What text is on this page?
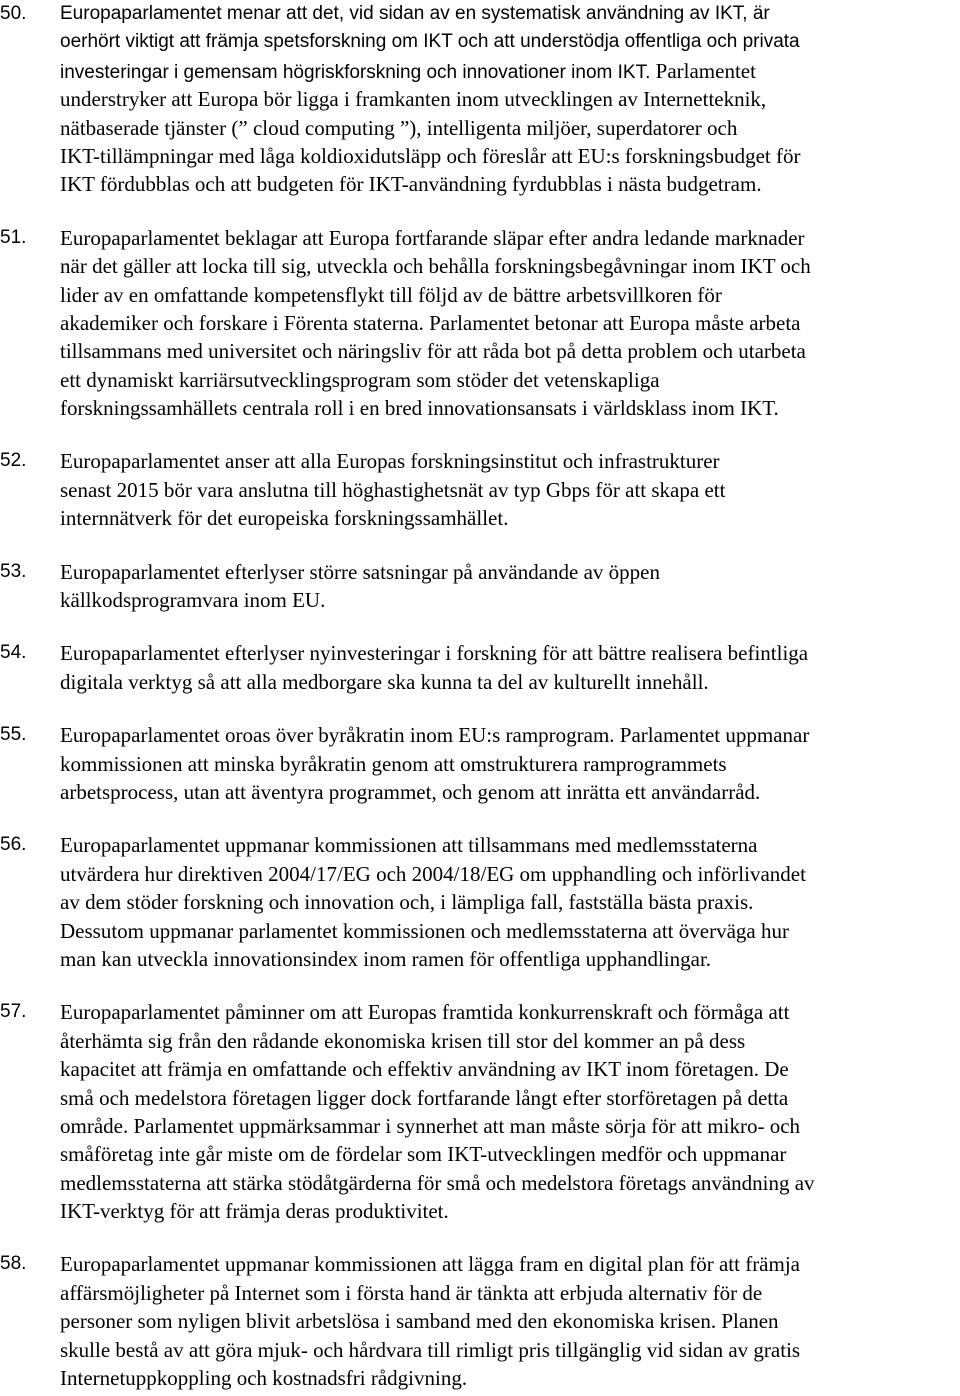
50.	Europaparlamentet menar att det, vid sidan av en systematisk användning av IKT, är
oerhört viktigt att främja spetsforskning om IKT och att understödja offentliga och privata
investeringar i gemensam högriskforskning och innovationer inom IKT. Parlamentet
understryker att Europa bör ligga i framkanten inom utvecklingen av Internetteknik,
nätbaserade tjänster (” cloud computing ”), intelligenta miljöer, superdatorer och
IKT-tillämpningar med låga koldioxidutsläpp och föreslår att EU:s forskningsbudget för
IKT fördubblas och att budgeten för IKT-användning fyrdubblas i nästa budgetram.
51.	Europaparlamentet beklagar att Europa fortfarande släpar efter andra ledande marknader
när det gäller att locka till sig, utveckla och behålla forskningsbegåvningar inom IKT och
lider av en omfattande kompetensflykt till följd av de bättre arbetsvillkoren för
akademiker och forskare i Förenta staterna. Parlamentet betonar att Europa måste arbeta
tillsammans med universitet och näringsliv för att råda bot på detta problem och utarbeta
ett dynamiskt karriärsutvecklingsprogram som stöder det vetenskapliga
forskningssamhällets centrala roll i en bred innovationsansats i världsklass inom IKT.
52.	Europaparlamentet anser att alla Europas forskningsinstitut och infrastrukturer
senast 2015 bör vara anslutna till höghastighetsnät av typ Gbps för att skapa ett
internnätverk för det europeiska forskningssamhället.
53.	Europaparlamentet efterlyser större satsningar på användande av öppen
källkodsprogramvara inom EU.
54.	Europaparlamentet efterlyser nyinvesteringar i forskning för att bättre realisera befintliga
digitala verktyg så att alla medborgare ska kunna ta del av kulturellt innehåll.
55.	Europaparlamentet oroas över byråkratin inom EU:s ramprogram. Parlamentet uppmanar
kommissionen att minska byråkratin genom att omstrukturera ramprogrammets
arbetsprocess, utan att äventyra programmet, och genom att inrätta ett användarråd.
56.	Europaparlamentet uppmanar kommissionen att tillsammans med medlemsstaterna
utvärdera hur direktiven 2004/17/EG och 2004/18/EG om upphandling och införlivandet
av dem stöder forskning och innovation och, i lämpliga fall, fastställa bästa praxis.
Dessutom uppmanar parlamentet kommissionen och medlemsstaterna att överväga hur
man kan utveckla innovationsindex inom ramen för offentliga upphandlingar.
57.	Europaparlamentet påminner om att Europas framtida konkurrenskraft och förmåga att
återhämta sig från den rådande ekonomiska krisen till stor del kommer an på dess
kapacitet att främja en omfattande och effektiv användning av IKT inom företagen. De
små och medelstora företagen ligger dock fortfarande långt efter storföretagen på detta
område. Parlamentet uppmärksammar i synnerhet att man måste sörja för att mikro- och
småföretag inte går miste om de fördelar som IKT-utvecklingen medför och uppmanar
medlemsstaterna att stärka stödåtgärderna för små och medelstora företags användning av
IKT-verktyg för att främja deras produktivitet.
58.	Europaparlamentet uppmanar kommissionen att lägga fram en digital plan för att främja
affärsmöjligheter på Internet som i första hand är tänkta att erbjuda alternativ för de
personer som nyligen blivit arbetslösa i samband med den ekonomiska krisen. Planen
skulle bestå av att göra mjuk- och hårdvara till rimligt pris tillgänglig vid sidan av gratis
Internetuppkoppling och kostnadsfri rådgivning.
